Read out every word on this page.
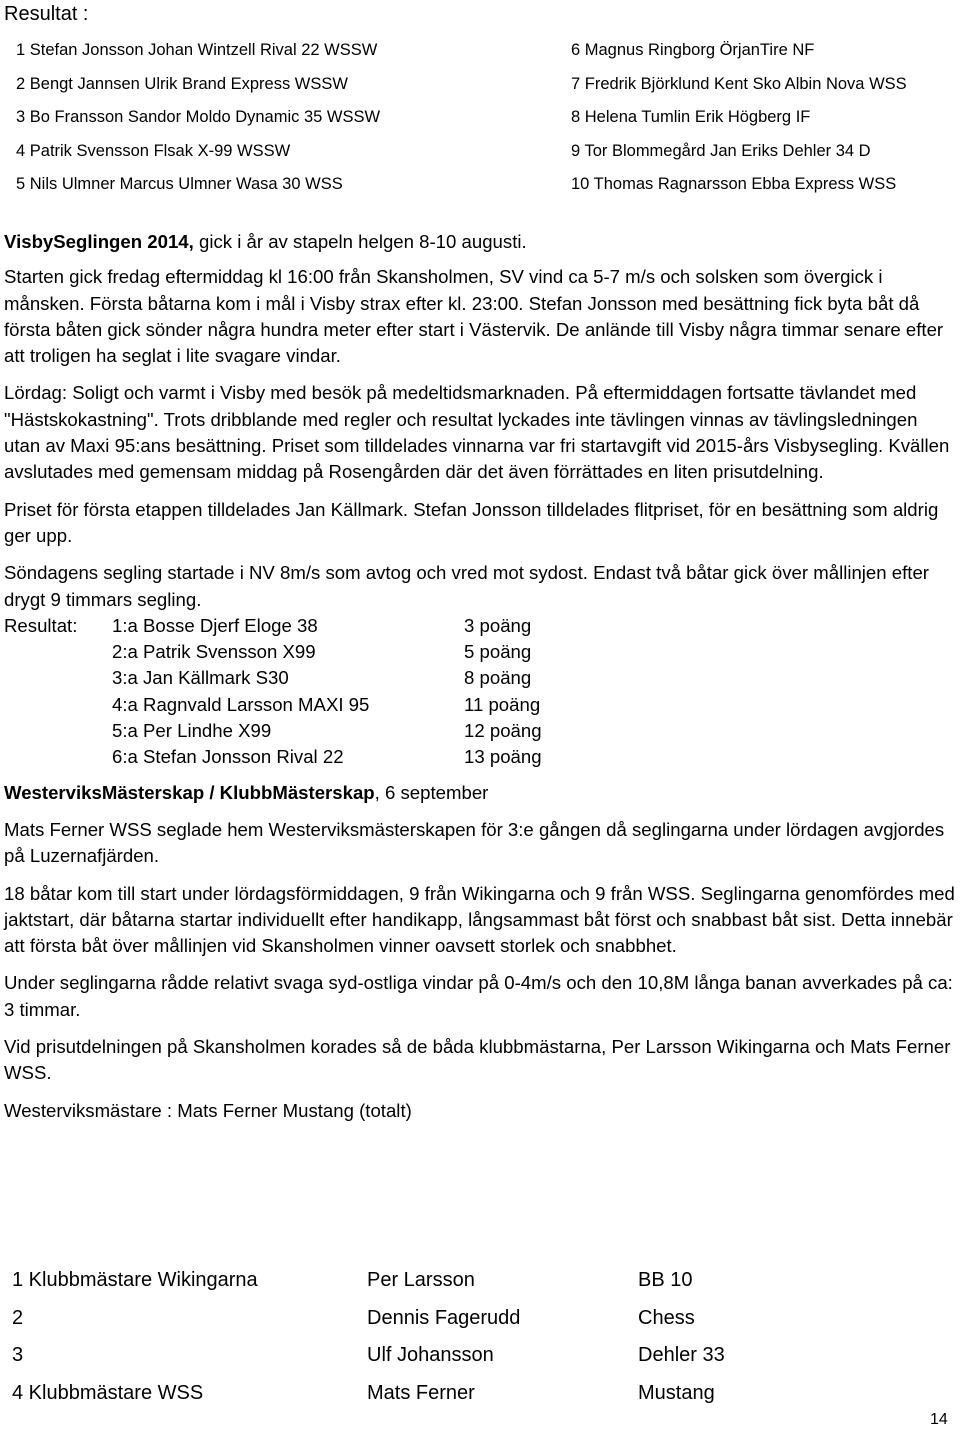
Resultat :
1 Stefan Jonsson Johan Wintzell Rival 22 WSSW
2 Bengt Jannsen Ulrik Brand Express WSSW
3 Bo Fransson Sandor Moldo Dynamic 35 WSSW
4 Patrik Svensson Flsak X-99 WSSW
5 Nils Ulmner Marcus Ulmner Wasa 30 WSS
6 Magnus Ringborg ÖrjanTire NF
7 Fredrik Björklund Kent Sko Albin Nova WSS
8 Helena Tumlin Erik Högberg IF
9 Tor Blommegård Jan Eriks Dehler 34 D
10 Thomas Ragnarsson Ebba Express WSS

VisbySeglingen 2014, gick i år av stapeln helgen 8-10 augusti.

Starten gick fredag eftermiddag kl 16:00 från Skansholmen, SV vind ca 5-7 m/s och solsken som övergick i månsken. Första båtarna kom i mål i Visby strax efter kl. 23:00. Stefan Jonsson med besättning fick byta båt då första båten gick sönder några hundra meter efter start i Västervik. De anlände till Visby några timmar senare efter att troligen ha seglat i lite svagare vindar.

Lördag: Soligt och varmt i Visby med besök på medeltidsmarknaden. På eftermiddagen fortsatte tävlandet med "Hästskokastning". Trots dribblande med regler och resultat lyckades inte tävlingen vinnas av tävlingsledningen utan av Maxi 95:ans besättning. Priset som tilldelades vinnarna var fri startavgift vid 2015-års Visbysegling. Kvällen avslutades med gemensam middag på Rosengården där det även förrättades en liten prisutdelning.

Priset för första etappen tilldelades Jan Källmark. Stefan Jonsson tilldelades flitpriset, för en besättning som aldrig ger upp.

Söndagens segling startade i NV 8m/s som avtog och vred mot sydost. Endast två båtar gick över mållinjen efter drygt 9 timmars segling.

Resultat: 1:a Bosse Djerf Eloge 38	3 poäng
2:a Patrik Svensson X99	5 poäng
3:a Jan Källmark S30	8 poäng
4:a Ragnvald Larsson MAXI 95	11 poäng
5:a Per Lindhe X99	12 poäng
6:a Stefan Jonsson Rival 22	13 poäng

WesterviksMästerskap / KlubbMästerskap, 6 september

Mats Ferner WSS seglade hem Westerviksmästerskapen för 3:e gången då seglingarna under lördagen avgjordes på Luzernafjärden.

18 båtar kom till start under lördagsförmiddagen, 9 från Wikingarna och 9 från WSS. Seglingarna genomfördes med jaktstart, där båtarna startar individuellt efter handikapp, långsammast båt först och snabbast båt sist. Detta innebär att första båt över mållinjen vid Skansholmen vinner oavsett storlek och snabbhet.

Under seglingarna rådde relativt svaga syd-ostliga vindar på 0-4m/s och den 10,8M långa banan avverkades på ca: 3 timmar.

Vid prisutdelningen på Skansholmen korades så de båda klubbmästarna, Per Larsson Wikingarna och Mats Ferner WSS.

Westerviksmästare : Mats Ferner Mustang (totalt)

1 Klubbmästare Wikingarna	Per Larsson	BB 10
2	Dennis Fagerudd	Chess
3	Ulf Johansson	Dehler 33
4 Klubbmästare WSS	Mats Ferner	Mustang
14
